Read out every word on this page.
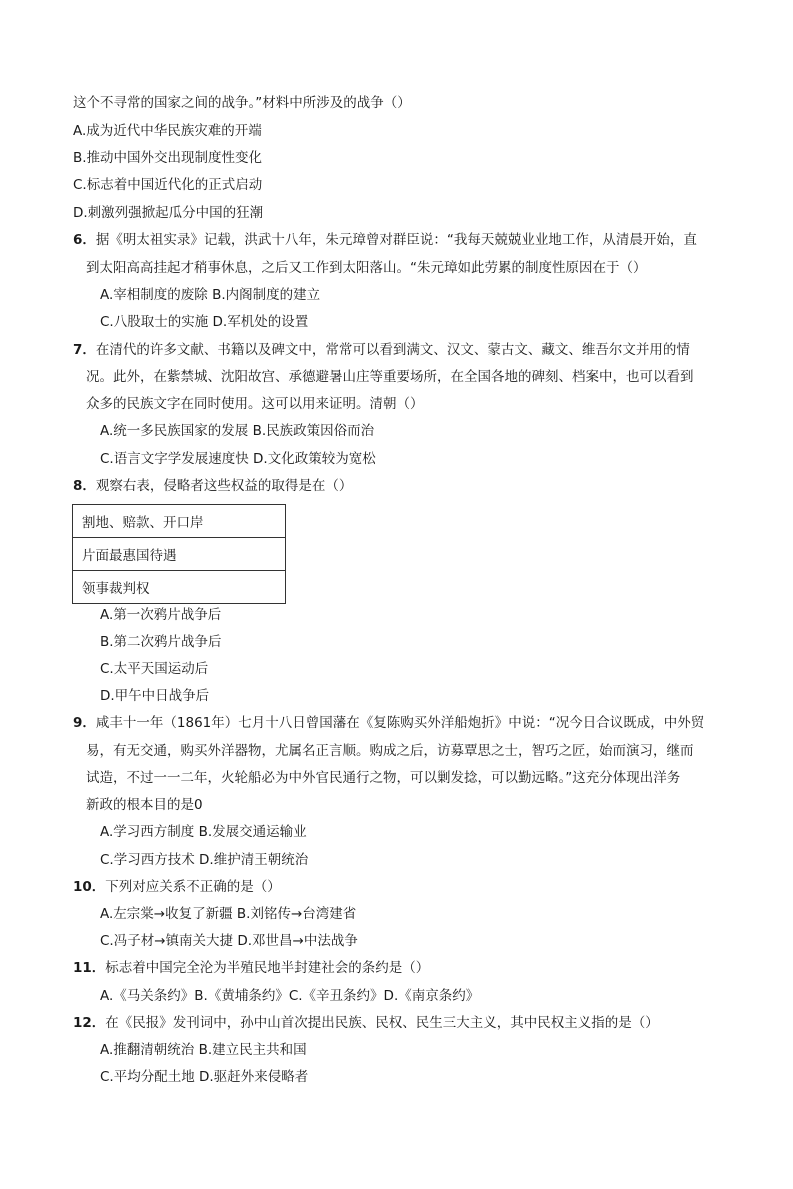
这个不寻常的国家之间的战争。”材料中所涉及的战争（）
A.成为近代中华民族灾难的开端
B.推动中国外交出现制度性变化
C.标志着中国近代化的正式启动
D.刺激列强掀起瓜分中国的狂潮
6．据《明太祖实录》记载，洪武十八年，朱元璋曾对群臣说：“我每天兢兢业业地工作，从清晨开始，直
到太阳高高挂起才稍事休息，之后又工作到太阳落山。“朱元璋如此劳累的制度性原因在于（）
A.宰相制度的废除 B.内阁制度的建立
C.八股取士的实施 D.军机处的设置
7．在清代的许多文献、书籍以及碑文中，常常可以看到满文、汉文、蒙古文、藏文、维吾尔文并用的情
况。此外，在紫禁城、沈阳故宫、承德避暑山庄等重要场所，在全国各地的碑刻、档案中，也可以看到
众多的民族文字在同时使用。这可以用来证明。清朝（）
A.统一多民族国家的发展 B.民族政策因俗而治
C.语言文字学发展速度快 D.文化政策较为宽松
8．观察右表，侵略者这些权益的取得是在（）
割地、赔款、开口岸
片面最惠国待遇
领事裁判权
A.第一次鸦片战争后
B.第二次鸦片战争后
C.太平天国运动后
D.甲午中日战争后
9．咸丰十一年（1861年）七月十八日曾国藩在《复陈购买外洋船炮折》中说：“况今日合议既成，中外贸
易，有无交通，购买外洋器物，尤属名正言顺。购成之后，访募覃思之士，智巧之匠，始而演习，继而
试造，不过一一二年，火轮船必为中外官民通行之物，可以剿发捻，可以勤远略。”这充分体现出洋务
新政的根本目的是0
A.学习西方制度 B.发展交通运输业
C.学习西方技术 D.维护清王朝统治
10．下列对应关系不正确的是（）
A.左宗棠→收复了新疆 B.刘铭传→台湾建省
C.冯子材→镇南关大捷 D.邓世昌→中法战争
11．标志着中国完全沦为半殖民地半封建社会的条约是（）
A.《马关条约》B.《黄埔条约》C.《辛丑条约》D.《南京条约》
12．在《民报》发刊词中，孙中山首次提出民族、民权、民生三大主义，其中民权主义指的是（）
A.推翻清朝统治 B.建立民主共和国
C.平均分配土地 D.驱赶外来侵略者
